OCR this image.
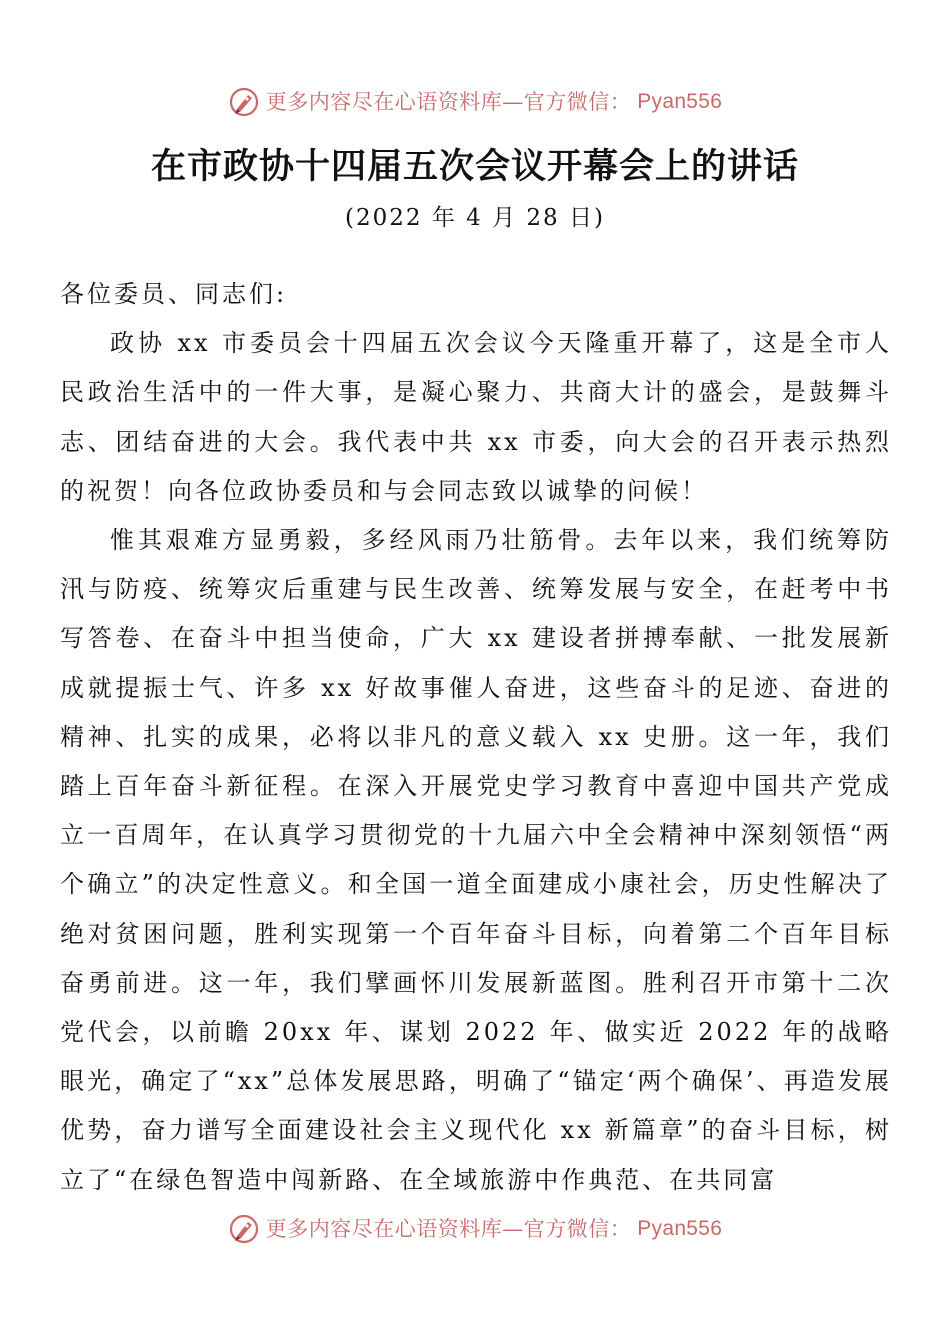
更多内容尽在心语资料库—官方微信： Pyan556
在市政协十四届五次会议开幕会上的讲话
(2022 年 4 月 28 日)

各位委员、同志们:

政协 xx 市委员会十四届五次会议今天隆重开幕了，这是全市人民政治生活中的一件大事，是凝心聚力、共商大计的盛会，是鼓舞斗志、团结奋进的大会。我代表中共 xx 市委，向大会的召开表示热烈的祝贺！向各位政协委员和与会同志致以诚挚的问候！

惟其艰难方显勇毅，多经风雨乃壮筋骨。去年以来，我们统筹防汛与防疫、统筹灾后重建与民生改善、统筹发展与安全，在赶考中书写答卷、在奋斗中担当使命，广大 xx 建设者拼搏奉献、一批发展新成就提振士气、许多 xx 好故事催人奋进，这些奋斗的足迹、奋进的精神、扎实的成果，必将以非凡的意义载入 xx 史册。这一年，我们踏上百年奋斗新征程。在深入开展党史学习教育中喜迎中国共产党成立一百周年，在认真学习贯彻党的十九届六中全会精神中深刻领悟“两个确立”的决定性意义。和全国一道全面建成小康社会，历史性解决了绝对贫困问题，胜利实现第一个百年奋斗目标，向着第二个百年目标奋勇前进。这一年，我们擘画怀川发展新蓝图。胜利召开市第十二次党代会，以前瞻 20xx 年、谋划 2022 年、做实近 2022 年的战略眼光，确定了“xx”总体发展思路，明确了“锚定‘两个确保’、再造发展优势，奋力谱写全面建设社会主义现代化 xx 新篇章”的奋斗目标，树立了“在绿色智造中闯新路、在全域旅游中作典范、在共同富

更多内容尽在心语资料库—官方微信： Pyan556
